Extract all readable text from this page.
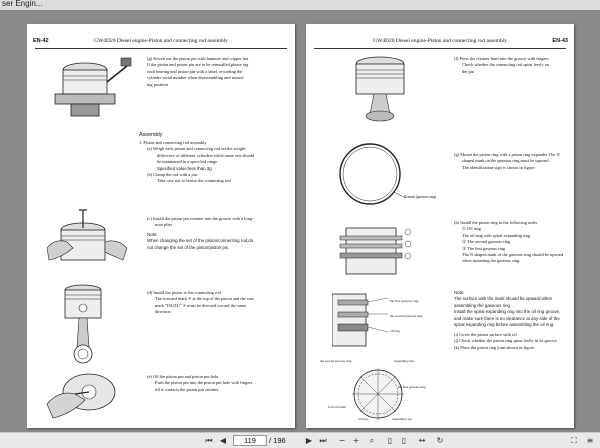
ser Engin...
EN-42	GW4D20 Diesel engine-Piston and connecting rod assembly
(g) Knock out the piston pin with hammer and copper bar
If the piston and piston pin are to be reinstalled,please tag
each bearing and piston pin with a label, recording the
cylinder serial number when disassembling and mount-
ing position
Assembly
1. Piston and connecting rod assembly
(a) Weigh each piston and connecting rod set,the weight
difference of different cylinders while same sets should
be maintained in a specified range
Specified value:less than 3g
(b) Clamp the rod with a jaw
Take care not to bruise the connecting rod
(c) Install the piston pin retainer into the groove with a long-
nose plier
Note:
When changing the set of the piston/connecting rod,do
not change the set of the piston/piston pin.
(d) Install the piston to the connecting rod
The forward mark ® at the top of the piston and the cast
mark "ISUZU" ® must be directed toward the same
direction
(e) Oil the piston pin and piston pin hole
Push the piston pin into the piston pin hole with fingers
till it contacts the piston pin retainer
GW4D20 Diesel engine-Piston and connecting rod assembly	EN-43
(f) Press the retainer hard into the groove with fingers.
Check whether the connecting rod spins freely on
the pin
N mark (gaseous ring)
(g) Mount the piston ring with a piston ring expander The N
shaped mark on the gaseous ring must be upward.
The identification sign is shown in figure.
(h) Install the piston ring in the following order
① Oil ring
The oil ring with spiral expanding ring
② The second gaseous ring
③ The first gaseous ring
The N shaped mark of the gaseous ring should be upward
when mounting the gaseous ring.
the first gaseous ring
the second gaseous ring
oil ring
Note:
The surface with the mark should be upward when
assembling the gaseous ring
Install the spiral expanding ring into the oil ring groove,
and make sure there is no clearance at any side of the
spiral expanding ring before assembling the oil ring
(i) Cover the piston surface with oil
(j) Check whether the piston ring spins freely in its groove
(k) Place the piston ring joint shown in figure.
the second gaseous ring	expanding ring
the first gaseous ring
forward mark
oil ring	expanding ring
⏮ ◀	119	/ 196	▶ ⏭	− +	⌕	▯	▯	↔	↻	⛶	≡
